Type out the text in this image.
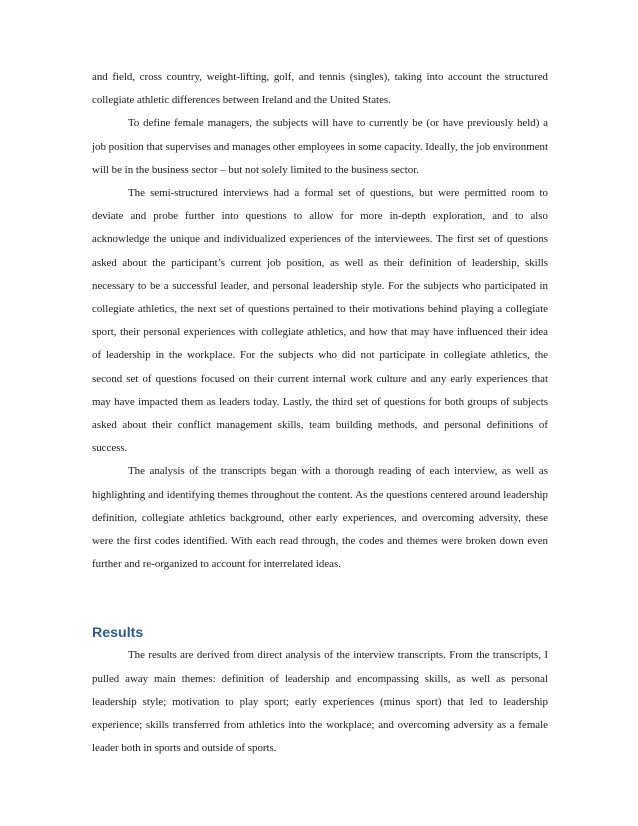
and field, cross country, weight-lifting, golf, and tennis (singles), taking into account the structured collegiate athletic differences between Ireland and the United States.

To define female managers, the subjects will have to currently be (or have previously held) a job position that supervises and manages other employees in some capacity. Ideally, the job environment will be in the business sector – but not solely limited to the business sector.

The semi-structured interviews had a formal set of questions, but were permitted room to deviate and probe further into questions to allow for more in-depth exploration, and to also acknowledge the unique and individualized experiences of the interviewees. The first set of questions asked about the participant’s current job position, as well as their definition of leadership, skills necessary to be a successful leader, and personal leadership style. For the subjects who participated in collegiate athletics, the next set of questions pertained to their motivations behind playing a collegiate sport, their personal experiences with collegiate athletics, and how that may have influenced their idea of leadership in the workplace. For the subjects who did not participate in collegiate athletics, the second set of questions focused on their current internal work culture and any early experiences that may have impacted them as leaders today. Lastly, the third set of questions for both groups of subjects asked about their conflict management skills, team building methods, and personal definitions of success.

The analysis of the transcripts began with a thorough reading of each interview, as well as highlighting and identifying themes throughout the content. As the questions centered around leadership definition, collegiate athletics background, other early experiences, and overcoming adversity, these were the first codes identified. With each read through, the codes and themes were broken down even further and re-organized to account for interrelated ideas.

Results

The results are derived from direct analysis of the interview transcripts. From the transcripts, I pulled away main themes: definition of leadership and encompassing skills, as well as personal leadership style; motivation to play sport; early experiences (minus sport) that led to leadership experience; skills transferred from athletics into the workplace; and overcoming adversity as a female leader both in sports and outside of sports.
